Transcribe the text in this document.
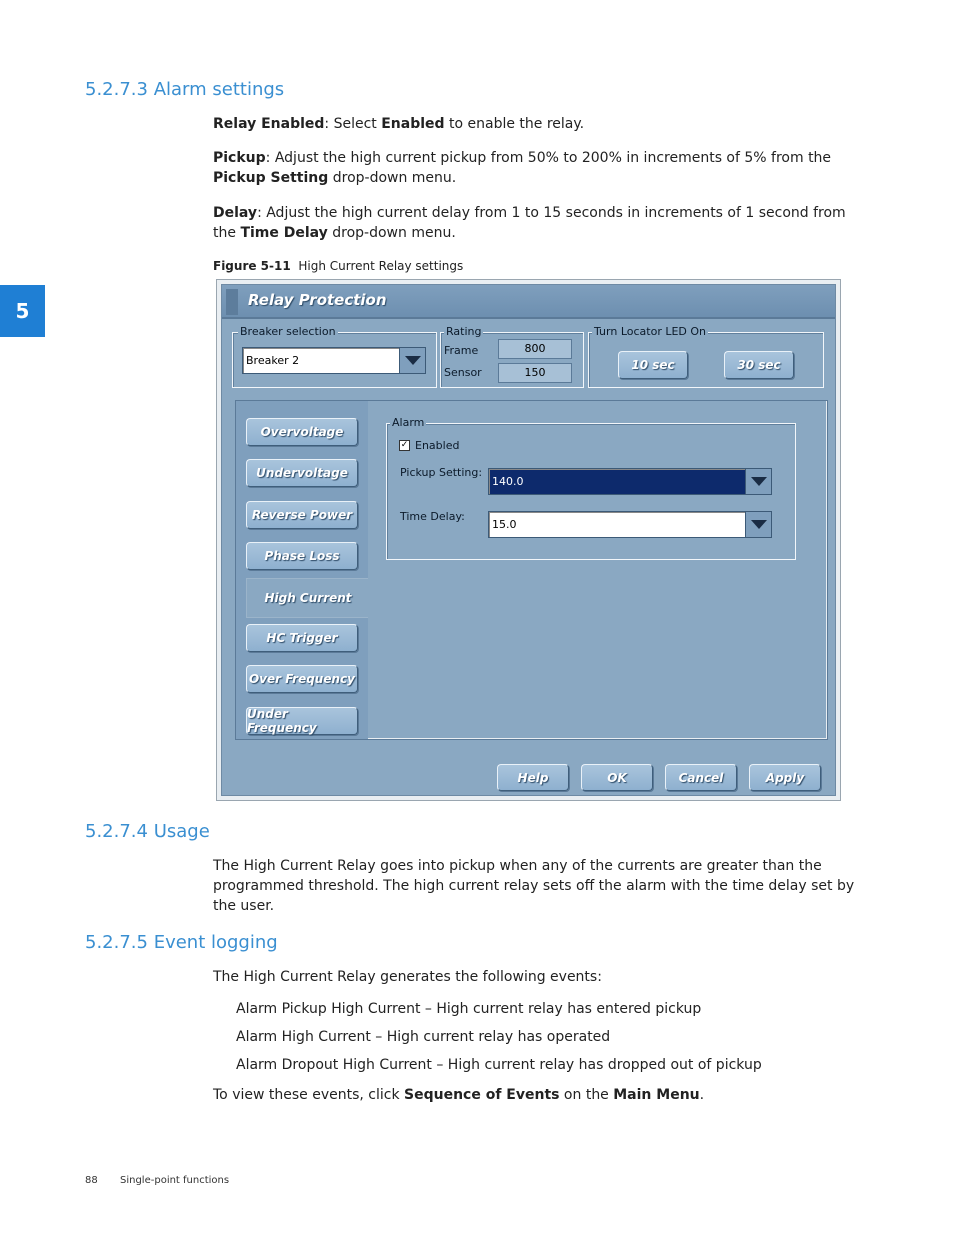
5
5.2.7.3 Alarm settings
Relay Enabled: Select Enabled to enable the relay.
Pickup: Adjust the high current pickup from 50% to 200% in increments of 5% from the Pickup Setting drop-down menu.
Delay: Adjust the high current delay from 1 to 15 seconds in increments of 1 second from the Time Delay drop-down menu.
Figure 5-11 High Current Relay settings
Relay Protection
Breaker selection
Breaker 2
Rating
Frame	800
Sensor	150
Turn Locator LED On
10 sec	30 sec
Overvoltage
Undervoltage
Reverse Power
Phase Loss
High Current
HC Trigger
Over Frequency
Under Frequency
Alarm
✓ Enabled
Pickup Setting:
140.0
Time Delay:
15.0
Help	OK	Cancel	Apply
5.2.7.4 Usage
The High Current Relay goes into pickup when any of the currents are greater than the programmed threshold. The high current relay sets off the alarm with the time delay set by the user.
5.2.7.5 Event logging
The High Current Relay generates the following events:
Alarm Pickup High Current – High current relay has entered pickup
Alarm High Current – High current relay has operated
Alarm Dropout High Current – High current relay has dropped out of pickup
To view these events, click Sequence of Events on the Main Menu.
88 Single-point functions
